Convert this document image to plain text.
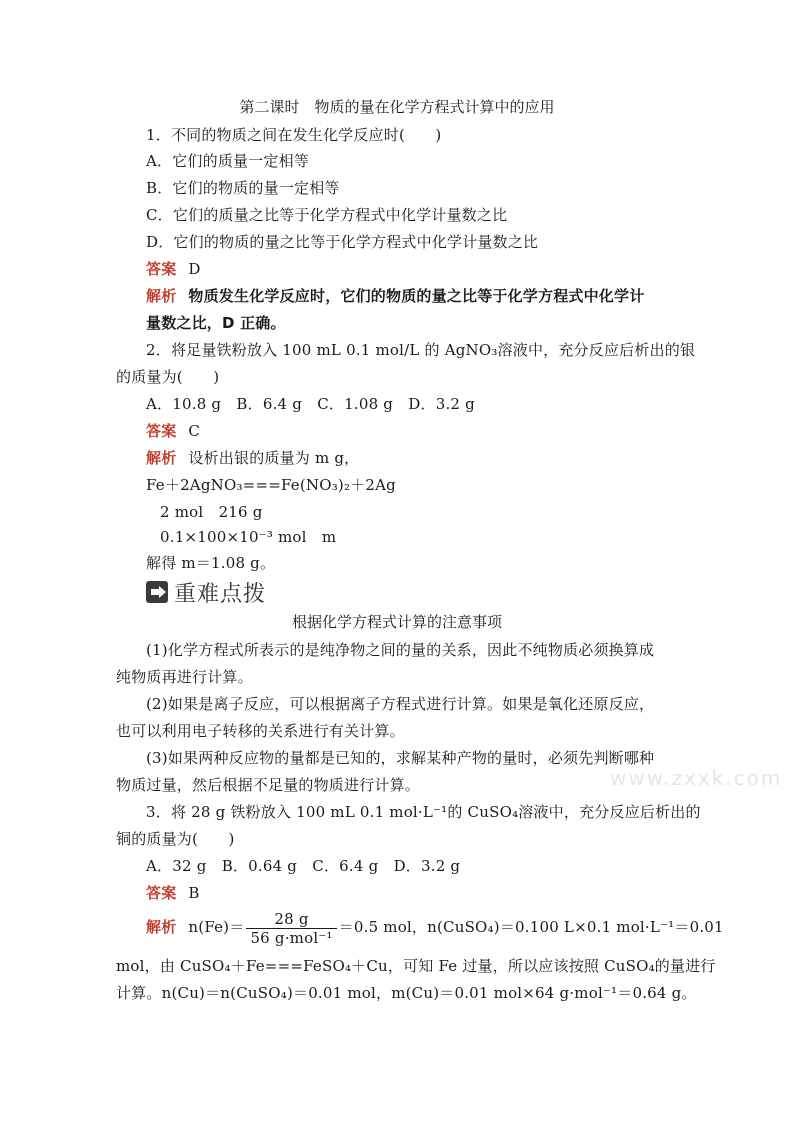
第二课时　物质的量在化学方程式计算中的应用
1．不同的物质之间在发生化学反应时(　　)
A．它们的质量一定相等
B．它们的物质的量一定相等
C．它们的质量之比等于化学方程式中化学计量数之比
D．它们的物质的量之比等于化学方程式中化学计量数之比
答案 D
解析 物质发生化学反应时，它们的物质的量之比等于化学方程式中化学计
量数之比，D 正确。
2．将足量铁粉放入 100 mL 0.1 mol/L 的 AgNO₃溶液中，充分反应后析出的银
的质量为(　　)
A．10.8 g　B．6.4 g　C．1.08 g　D．3.2 g
答案 C
解析 设析出银的质量为 m g，
Fe＋2AgNO₃===Fe(NO₃)₂＋2Ag
2 mol　216 g
0.1×100×10⁻³ mol　m
解得 m＝1.08 g。
重难点拨
根据化学方程式计算的注意事项
(1)化学方程式所表示的是纯净物之间的量的关系，因此不纯物质必须换算成
纯物质再进行计算。
(2)如果是离子反应，可以根据离子方程式进行计算。如果是氧化还原反应，
也可以利用电子转移的关系进行有关计算。
(3)如果两种反应物的量都是已知的，求解某种产物的量时，必须先判断哪种
物质过量，然后根据不足量的物质进行计算。	www.zxxk.com
3．将 28 g 铁粉放入 100 mL 0.1 mol·L⁻¹的 CuSO₄溶液中，充分反应后析出的
铜的质量为(　　)
A．32 g　B．0.64 g　C．6.4 g　D．3.2 g
答案 B
解析 $n(Fe)= \frac{28 g}{\text{56 g·mol⁻¹}} =0.5$ mol，n(CuSO₄)＝0.100 L×0.1 mol·L⁻¹＝0.01
mol，由 CuSO₄＋Fe===FeSO₄＋Cu，可知 Fe 过量，所以应该按照 CuSO₄的量进行
计算。n(Cu)＝n(CuSO₄)＝0.01 mol，m(Cu)＝0.01 mol×64 g·mol⁻¹＝0.64 g。
